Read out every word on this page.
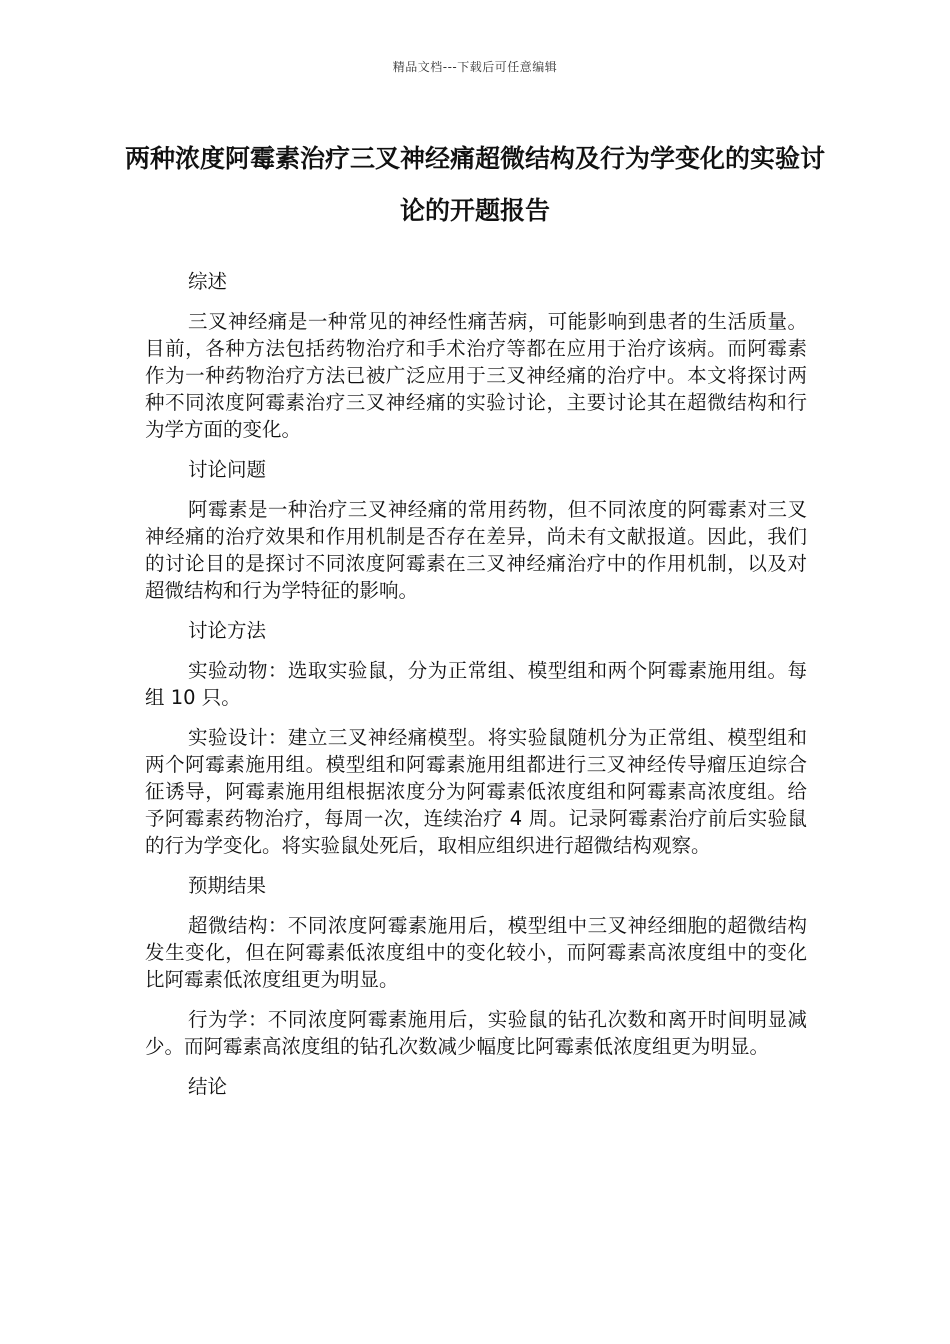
精品文档---下载后可任意编辑
两种浓度阿霉素治疗三叉神经痛超微结构及行为学变化的实验讨论的开题报告

综述

三叉神经痛是一种常见的神经性痛苦病，可能影响到患者的生活质量。目前，各种方法包括药物治疗和手术治疗等都在应用于治疗该病。而阿霉素作为一种药物治疗方法已被广泛应用于三叉神经痛的治疗中。本文将探讨两种不同浓度阿霉素治疗三叉神经痛的实验讨论，主要讨论其在超微结构和行为学方面的变化。

讨论问题

阿霉素是一种治疗三叉神经痛的常用药物，但不同浓度的阿霉素对三叉神经痛的治疗效果和作用机制是否存在差异，尚未有文献报道。因此，我们的讨论目的是探讨不同浓度阿霉素在三叉神经痛治疗中的作用机制，以及对超微结构和行为学特征的影响。

讨论方法

实验动物：选取实验鼠，分为正常组、模型组和两个阿霉素施用组。每组 10 只。

实验设计：建立三叉神经痛模型。将实验鼠随机分为正常组、模型组和两个阿霉素施用组。模型组和阿霉素施用组都进行三叉神经传导瘤压迫综合征诱导，阿霉素施用组根据浓度分为阿霉素低浓度组和阿霉素高浓度组。给予阿霉素药物治疗，每周一次，连续治疗 4 周。记录阿霉素治疗前后实验鼠的行为学变化。将实验鼠处死后，取相应组织进行超微结构观察。

预期结果

超微结构：不同浓度阿霉素施用后，模型组中三叉神经细胞的超微结构发生变化，但在阿霉素低浓度组中的变化较小，而阿霉素高浓度组中的变化比阿霉素低浓度组更为明显。

行为学：不同浓度阿霉素施用后，实验鼠的钻孔次数和离开时间明显减少。而阿霉素高浓度组的钻孔次数减少幅度比阿霉素低浓度组更为明显。

结论
